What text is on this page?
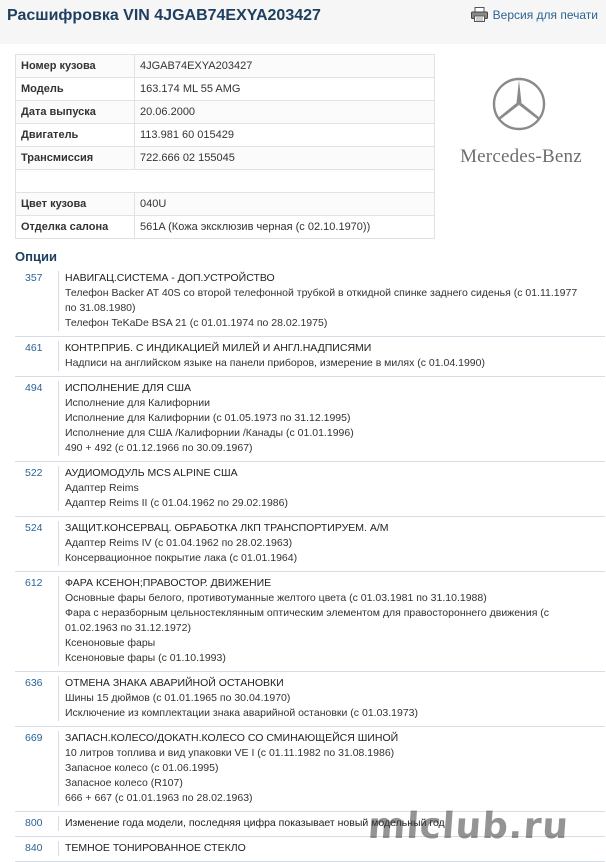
Расшифровка VIN 4JGAB74EXYA203427	Версия для печати
Номер кузова	4JGAB74EXYA203427
Модель	163.174 ML 55 AMG
Дата выпуска	20.06.2000
Двигатель	113.981 60 015429
Трансмиссия	722.666 02 155045

Цвет кузова	040U
Отделка салона	561A (Кожа эксклюзив черная (с 02.10.1970))
Mercedes-Benz
Опции
357	НАВИГАЦ.СИСТЕМА - ДОП.УСТРОЙСТВО
Телефон Backer AT 40S со второй телефонной трубкой в откидной спинке заднего сиденья (с 01.11.1977 по 31.08.1980)
Телефон TeKaDe BSA 21 (с 01.01.1974 по 28.02.1975)
461	КОНТР.ПРИБ. С ИНДИКАЦИЕЙ МИЛЕЙ И АНГЛ.НАДПИСЯМИ
Надписи на английском языке на панели приборов, измерение в милях (с 01.04.1990)
494	ИСПОЛНЕНИЕ ДЛЯ США
Исполнение для Калифорнии
Исполнение для Калифорнии (с 01.05.1973 по 31.12.1995)
Исполнение для США /Калифорнии /Канады (с 01.01.1996)
490 + 492 (с 01.12.1966 по 30.09.1967)
522	АУДИОМОДУЛЬ MCS ALPINE США
Адаптер Reims
Адаптер Reims II (с 01.04.1962 по 29.02.1986)
524	ЗАЩИТ.КОНСЕРВАЦ. ОБРАБОТКА ЛКП ТРАНСПОРТИРУЕМ. А/М
Адаптер Reims IV (с 01.04.1962 по 28.02.1963)
Консервационное покрытие лака (с 01.01.1964)
612	ФАРА КСЕНОН;ПРАВОСТОР. ДВИЖЕНИЕ
Основные фары белого, противотуманные желтого цвета (с 01.03.1981 по 31.10.1988)
Фара с неразборным цельностеклянным оптическим элементом для правостороннего движения (с 01.02.1963 по 31.12.1972)
Ксеноновые фары
Ксеноновые фары (с 01.10.1993)
636	ОТМЕНА ЗНАКА АВАРИЙНОЙ ОСТАНОВКИ
Шины 15 дюймов (с 01.01.1965 по 30.04.1970)
Исключение из комплектации знака аварийной остановки (с 01.03.1973)
669	ЗАПАСН.КОЛЕСО/ДОКАТН.КОЛЕСО СО СМИНАЮЩЕЙСЯ ШИНОЙ
10 литров топлива и вид упаковки VE I (с 01.11.1982 по 31.08.1986)
Запасное колесо (с 01.06.1995)
Запасное колесо (R107)
666 + 667 (с 01.01.1963 по 28.02.1963)
800	Изменение года модели, последняя цифра показывает новый модельный год
840	ТЕМНОЕ ТОНИРОВАННОЕ СТЕКЛО
mlclub.ru
